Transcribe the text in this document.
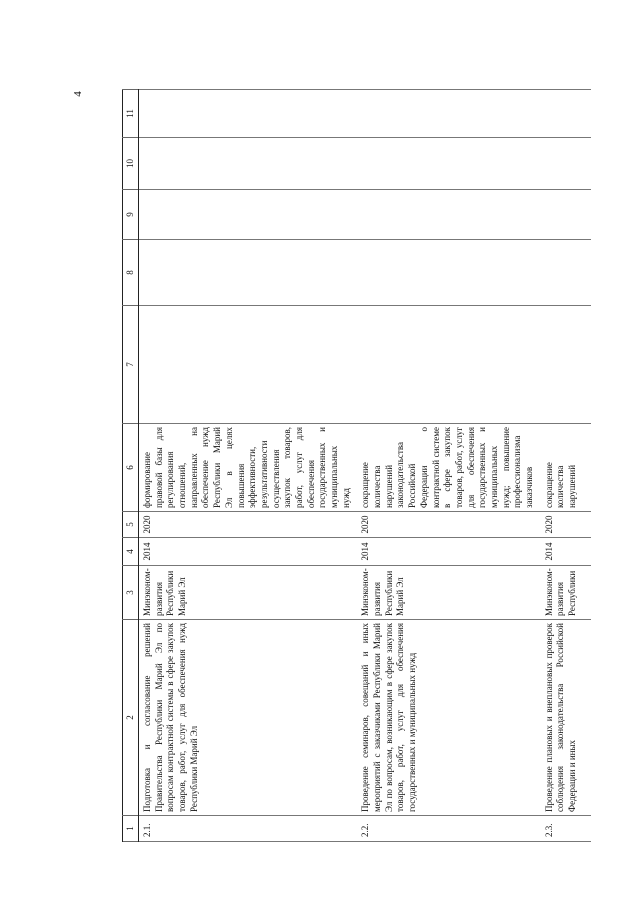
4
1	2	3	4	5	6	7	8	9	10	11
2.1.	Подготовка и согласование решений Правительства Республики Марий Эл по вопросам контрактной системы в сфере закупок товаров, работ, услуг для обеспечения нужд Республики Марий Эл	Минэконом-развития Республики Марий Эл	2014	2020	формирование правовой базы для регулирования отношений, направленных на обеспечение нужд Республики Марий Эл в целях повышения эффективности, результативности осуществления закупок товаров, работ, услуг для обеспечения государственных и муниципальных нужд					
2.2.	Проведение семинаров, совещаний и иных мероприятий с заказчиками Республики Марий Эл по вопросам, возникающим в сфере закупок товаров, работ, услуг для обеспечения государственных и муниципальных нужд	Минэконом-развития Республики Марий Эл	2014	2020	сокращение количества нарушений законодательства Российской Федерации о контрактной системе в сфере закупок товаров, работ, услуг для обеспечения государственных и муниципальных нужд; повышение профессионализма заказчиков					
2.3.	Проведение плановых и внеплановых проверок соблюдения законодательства Российской Федерации и иных	Минэконом-развития Республики	2014	2020	сокращение количества нарушений					
